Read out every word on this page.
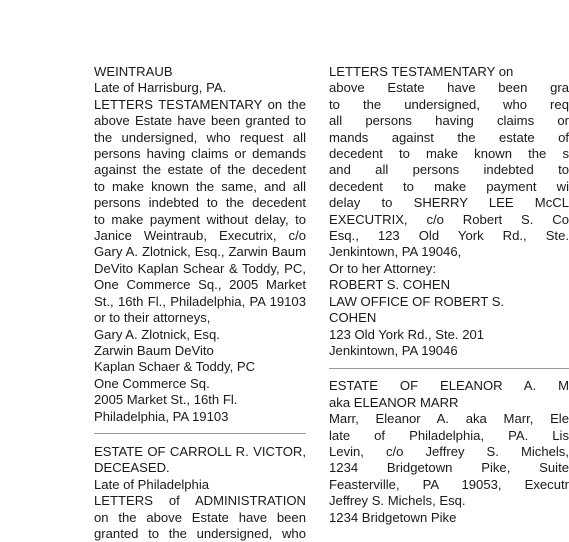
WEINTRAUB
Late of Harrisburg, PA.
LETTERS TESTAMENTARY on the
above Estate have been granted to
the undersigned, who request all
persons having claims or demands
against the estate of the decedent
to make known the same, and all
persons indebted to the decedent
to make payment without delay, to
Janice Weintraub, Executrix, c/o
Gary A. Zlotnick, Esq., Zarwin Baum
DeVito Kaplan Schear & Toddy, PC,
One Commerce Sq., 2005 Market
St., 16th Fl., Philadelphia, PA 19103
or to their attorneys,
Gary A. Zlotnick, Esq.
Zarwin Baum DeVito
Kaplan Schaer & Toddy, PC
One Commerce Sq.
2005 Market St., 16th Fl.
Philadelphia, PA 19103
ESTATE OF CARROLL R. VICTOR,
DECEASED.
Late of Philadelphia
LETTERS of ADMINISTRATION
on the above Estate have been
granted to the undersigned, who
LETTERS TESTAMENTARY on
above Estate have been gra
to the undersigned, who req
all persons having claims or
mands against the estate of
decedent to make known the s
and all persons indebted to
decedent to make payment wi
delay to SHERRY LEE McCL
EXECUTRIX, c/o Robert S. Co
Esq., 123 Old York Rd., Ste.
Jenkintown, PA 19046,
Or to her Attorney:
ROBERT S. COHEN
LAW OFFICE OF ROBERT S.
COHEN
123 Old York Rd., Ste. 201
Jenkintown, PA 19046
ESTATE OF ELEANOR A. M
aka ELEANOR MARR
Marr, Eleanor A. aka Marr, Ele
late of Philadelphia, PA. Lis
Levin, c/o Jeffrey S. Michels,
1234 Bridgetown Pike, Suite
Feasterville, PA 19053, Executr
Jeffrey S. Michels, Esq.
1234 Bridgetown Pike
